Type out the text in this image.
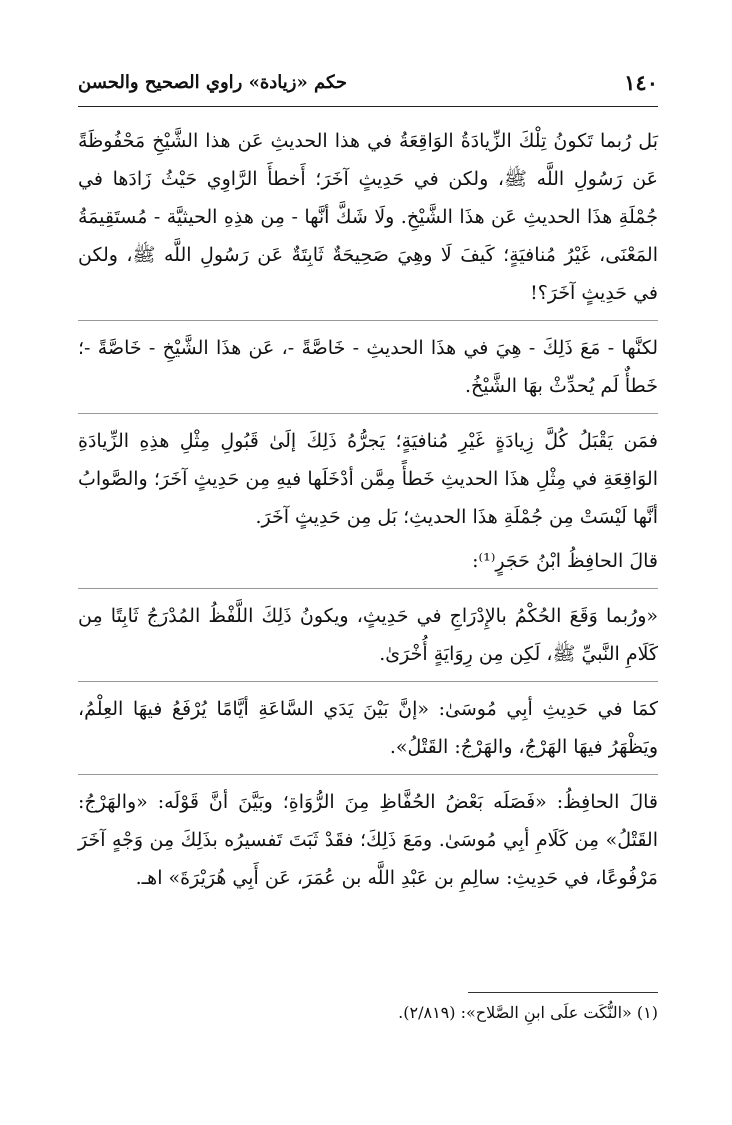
١٤٠
حكم «زيادة» راوي الصحيح والحسن

بَل رُبما تَكونُ تِلْكَ الزِّيادَةُ الوَاقِعَةُ في هذا الحديثِ عَن هذا الشَّيْخِ مَحْفُوظَةً عَن رَسُولِ اللَّه ﷺ، ولكن في حَدِيثٍ آخَرَ؛ أَخطأَ الرَّاوِي حَيْثُ زَادَها في جُمْلَةِ هذَا الحديثِ عَن هذَا الشَّيْخِ. ولَا شَكَّ أنَّها - مِن هذِهِ الحيثيَّة - مُستَقِيمَةُ المَعْنَى، غَيْرُ مُنافيَةٍ؛ كَيفَ لَا وهِيَ صَحِيحَةٌ ثَابِتَةٌ عَن رَسُولِ اللَّه ﷺ، ولكن في حَدِيثٍ آخَرَ؟!

لكنَّها - مَعَ ذَلِكَ - هِيَ في هذَا الحديثِ - خَاصَّةً -، عَن هذَا الشَّيْخِ - خَاصَّةً -؛ خَطأٌ لَم يُحدِّثْ بهَا الشَّيْخُ.

فمَن يَقْبَلُ كُلَّ زِيادَةٍ غَيْرِ مُنافيَةٍ؛ يَجرُّهُ ذَلِكَ إلَىٰ قَبُولِ مِثْلِ هذِهِ الزِّيادَةِ الوَاقِعَةِ في مِثْلِ هذَا الحديثِ خَطأً مِمَّن أدْخَلَها فيهِ مِن حَدِيثٍ آخَرَ؛ والصَّوابُ أنَّها لَيْسَتْ مِن جُمْلَةِ هذَا الحديثِ؛ بَل مِن حَدِيثٍ آخَرَ.

قالَ الحافِظُ ابْنُ حَجَرٍ⁽¹⁾:

«ورُبما وَقَعَ الحُكْمُ بالإِدْرَاجِ في حَدِيثٍ، ويكونُ ذَلِكَ اللَّفْظُ المُدْرَجُ ثَابِتًا مِن كَلَامِ النَّبيِّ ﷺ، لَكِن مِن رِوَايَةٍ أُخْرَىٰ.

كمَا في حَدِيثِ أبِي مُوسَىٰ: «إنَّ بَيْنَ يَدَي السَّاعَةِ أيَّامًا يُرْفَعُ فيهَا العِلْمُ، ويَظْهَرُ فيهَا الهَرْجُ، والهَرْجُ: القَتْلُ».

قالَ الحافِظُ: «فَصَلَه بَعْضُ الحُفَّاظِ مِنَ الرُّوَاةِ؛ وبَيَّنَ أنَّ قَوْلَه: «والهَرْجُ: القَتْلُ» مِن كَلَامِ أبِي مُوسَىٰ. ومَعَ ذَلِكَ؛ فقَدْ ثَبَتَ تَفسيرُه بذَلِكَ مِن وَجْهٍ آخَرَ مَرْفُوعًا، في حَدِيثِ: سالِمِ بن عَبْدِ اللَّه بن عُمَرَ، عَن أَبِي هُرَيْرَةَ» اهـ.

(١) «النُّكَت علَى ابنِ الصَّلاح»: (٢/٨١٩).
